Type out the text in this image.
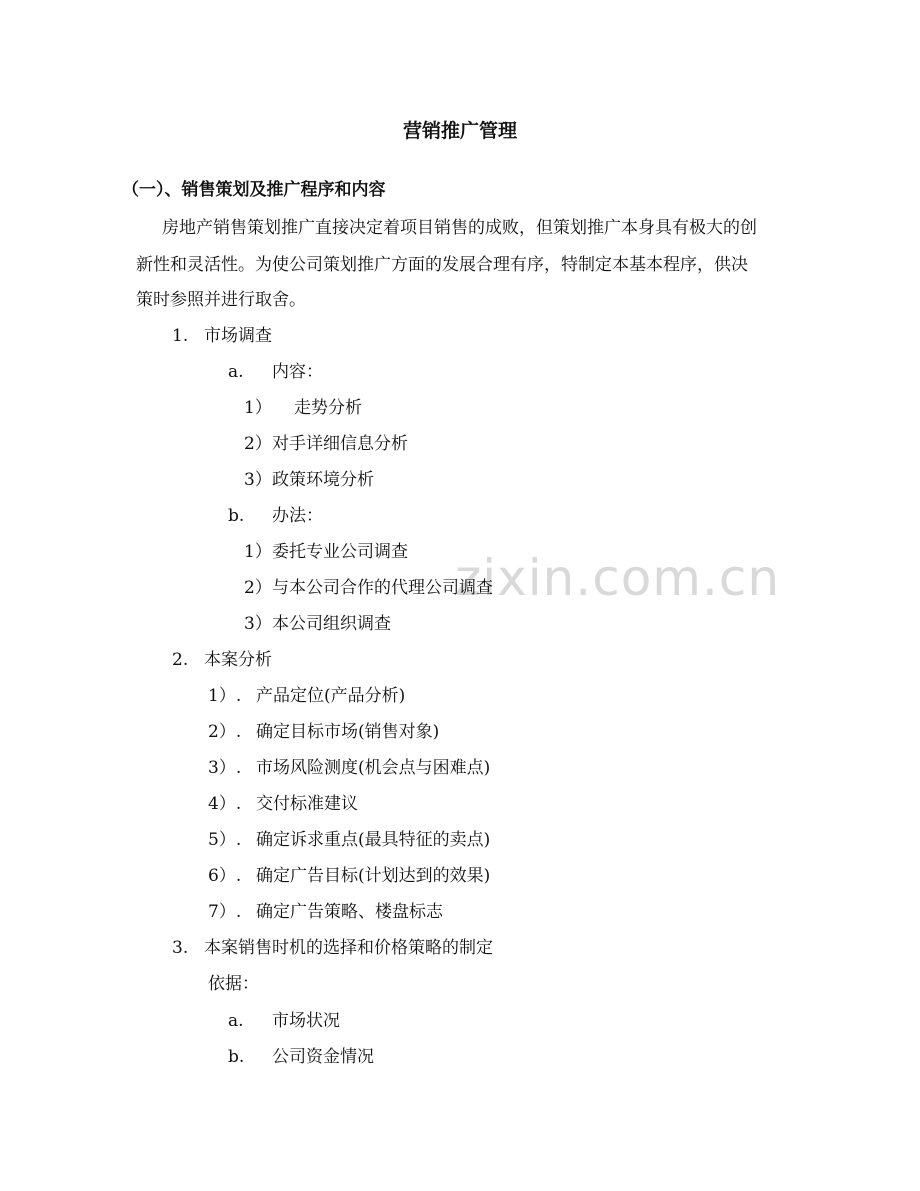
zixin.com.cn
营销推广管理
（一）、销售策划及推广程序和内容
房地产销售策划推广直接决定着项目销售的成败，但策划推广本身具有极大的创
新性和灵活性。为使公司策划推广方面的发展合理有序，特制定本基本程序，供决
策时参照并进行取舍。
1. 市场调查
a. 内容：
1） 走势分析
2） 对手详细信息分析
3） 政策环境分析
b. 办法：
1） 委托专业公司调查
2） 与本公司合作的代理公司调查
3） 本公司组织调查
2. 本案分析
1）. 产品定位(产品分析)
2）. 确定目标市场(销售对象)
3）. 市场风险测度(机会点与困难点)
4）. 交付标准建议
5）. 确定诉求重点(最具特征的卖点)
6）. 确定广告目标(计划达到的效果)
7）. 确定广告策略、楼盘标志
3. 本案销售时机的选择和价格策略的制定
依据：
a. 市场状况
b. 公司资金情况
